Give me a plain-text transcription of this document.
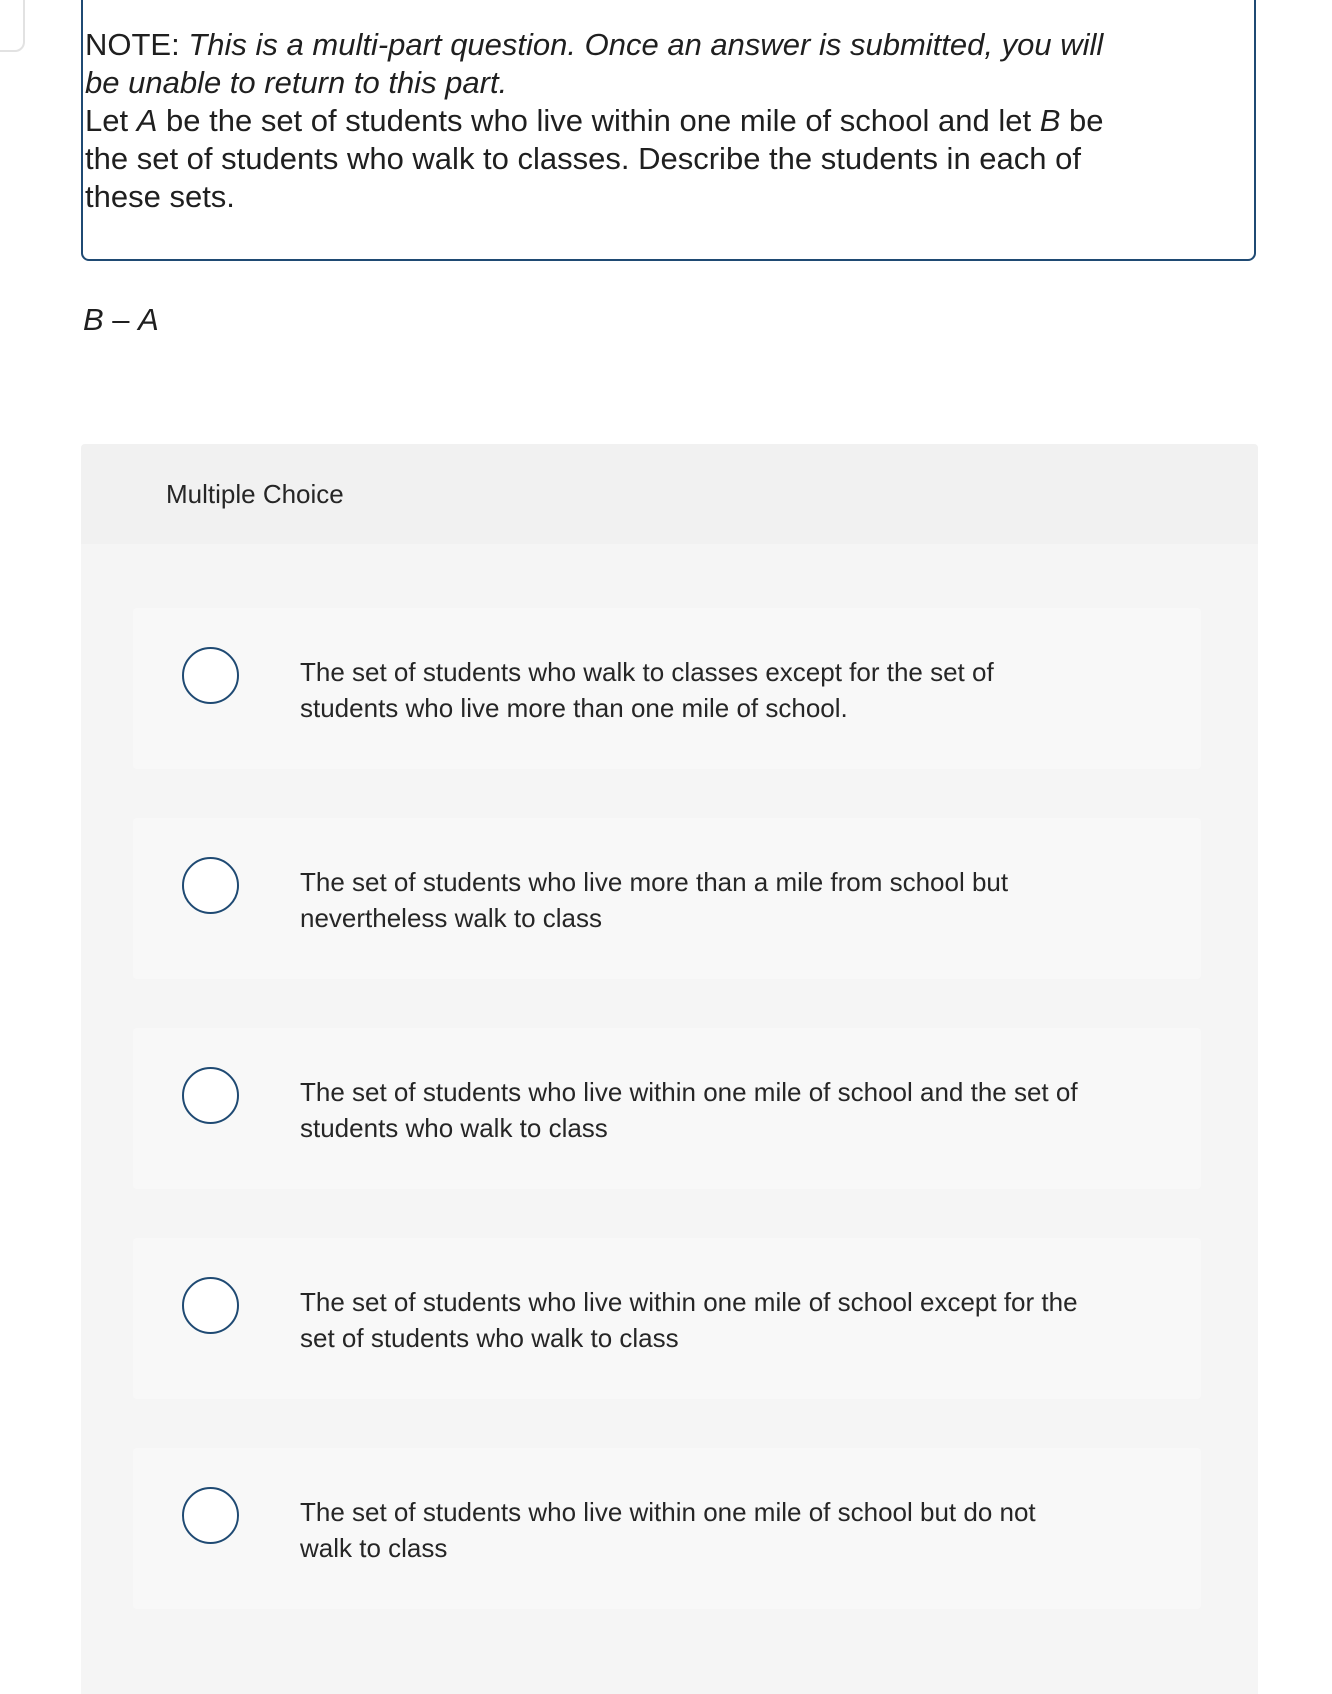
NOTE: This is a multi-part question. Once an answer is submitted, you will be unable to return to this part.
Let A be the set of students who live within one mile of school and let B be the set of students who walk to classes. Describe the students in each of these sets.
B – A
Multiple Choice
The set of students who walk to classes except for the set of students who live more than one mile of school.
The set of students who live more than a mile from school but nevertheless walk to class
The set of students who live within one mile of school and the set of students who walk to class
The set of students who live within one mile of school except for the set of students who walk to class
The set of students who live within one mile of school but do not walk to class
